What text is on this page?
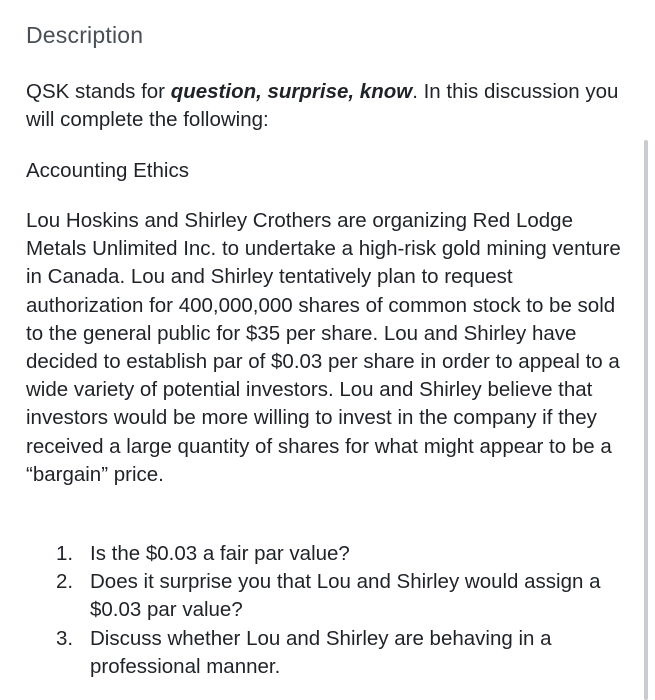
Description
QSK stands for question, surprise, know. In this discussion you will complete the following:
Accounting Ethics
Lou Hoskins and Shirley Crothers are organizing Red Lodge Metals Unlimited Inc. to undertake a high-risk gold mining venture in Canada. Lou and Shirley tentatively plan to request authorization for 400,000,000 shares of common stock to be sold to the general public for $35 per share. Lou and Shirley have decided to establish par of $0.03 per share in order to appeal to a wide variety of potential investors. Lou and Shirley believe that investors would be more willing to invest in the company if they received a large quantity of shares for what might appear to be a “bargain” price.
1. Is the $0.03 a fair par value?
2. Does it surprise you that Lou and Shirley would assign a $0.03 par value?
3. Discuss whether Lou and Shirley are behaving in a professional manner.
